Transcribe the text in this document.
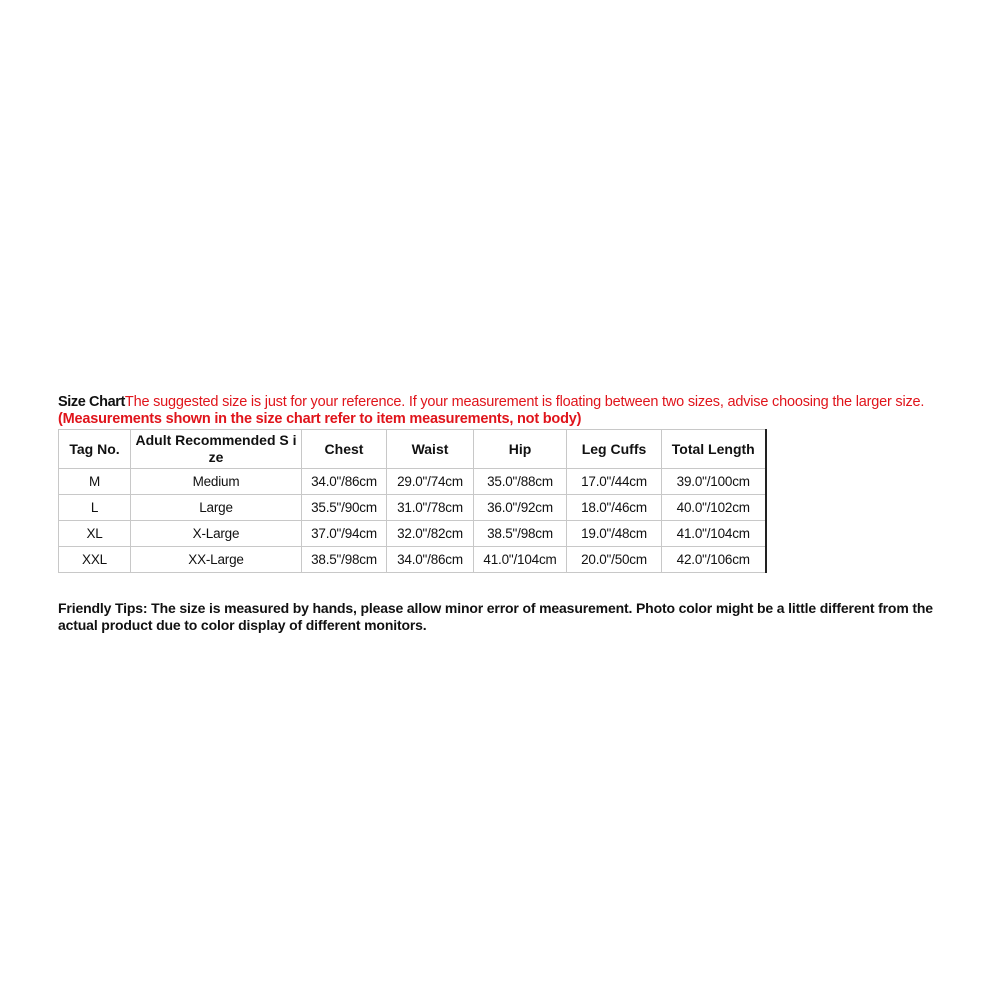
Size ChartThe suggested size is just for your reference. If your measurement is floating between two sizes, advise choosing the larger size. (Measurements shown in the size chart refer to item measurements, not body)
Tag No.	Adult Recommended S ize	Chest	Waist	Hip	Leg Cuffs	Total Length
M	Medium	34.0"/86cm	29.0"/74cm	35.0"/88cm	17.0"/44cm	39.0"/100cm
L	Large	35.5"/90cm	31.0"/78cm	36.0"/92cm	18.0"/46cm	40.0"/102cm
XL	X-Large	37.0"/94cm	32.0"/82cm	38.5"/98cm	19.0"/48cm	41.0"/104cm
XXL	XX-Large	38.5"/98cm	34.0"/86cm	41.0"/104cm	20.0"/50cm	42.0"/106cm
Friendly Tips: The size is measured by hands, please allow minor error of measurement. Photo color might be a little different from the actual product due to color display of different monitors.
